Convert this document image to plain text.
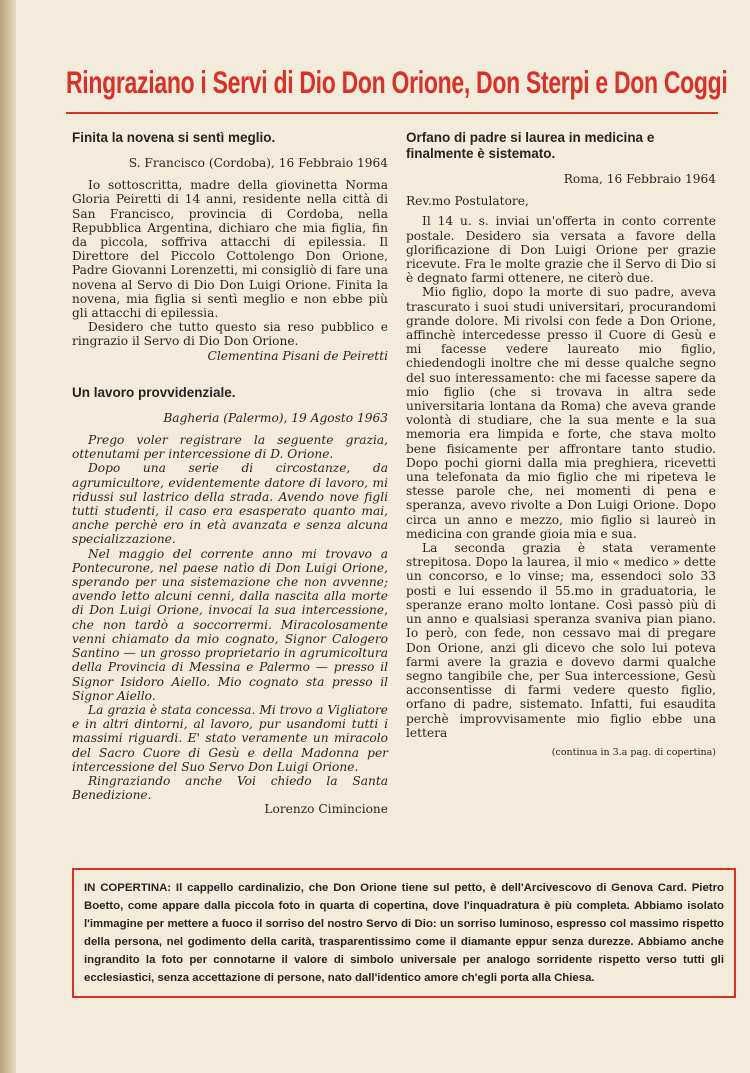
Ringraziano i Servi di Dio Don Orione, Don Sterpi e Don Coggi
Finita la novena si sentì meglio.
S. Francisco (Cordoba), 16 Febbraio 1964

Io sottoscritta, madre della giovinetta Norma Gloria Peiretti di 14 anni, residente nella città di San Francisco, provincia di Cordoba, nella Repubblica Argentina, dichiaro che mia figlia, fin da piccola, soffriva attacchi di epilessia. Il Direttore del Piccolo Cottolengo Don Orione, Padre Giovanni Lorenzetti, mi consigliò di fare una novena al Servo di Dio Don Luigi Orione. Finita la novena, mia figlia si sentì meglio e non ebbe più gli attacchi di epilessia.

Desidero che tutto questo sia reso pubblico e ringrazio il Servo di Dio Don Orione.

Clementina Pisani de Peiretti
Un lavoro provvidenziale.
Bagheria (Palermo), 19 Agosto 1963

Prego voler registrare la seguente grazia, ottenutami per intercessione di D. Orione.

Dopo una serie di circostanze, da agrumicultore, evidentemente datore di lavoro, mi ridussi sul lastrico della strada. Avendo nove figli tutti studenti, il caso era esasperato quanto mai, anche perchè ero in età avanzata e senza alcuna specializzazione.

Nel maggio del corrente anno mi trovavo a Pontecurone, nel paese natìo di Don Luigi Orione, sperando per una sistemazione che non avvenne; avendo letto alcuni cenni, dalla nascita alla morte di Don Luigi Orione, invocai la sua intercessione, che non tardò a soccorrermi. Miracolosamente venni chiamato da mio cognato, Signor Calogero Santino — un grosso proprietario in agrumicoltura della Provincia di Messina e Palermo — presso il Signor Isidoro Aiello. Mio cognato sta presso il Signor Aiello.

La grazia è stata concessa. Mi trovo a Vigliatore e in altri dintorni, al lavoro, pur usandomi tutti i massimi riguardi. E' stato veramente un miracolo del Sacro Cuore di Gesù e della Madonna per intercessione del Suo Servo Don Luigi Orione.

Ringraziando anche Voi chiedo la Santa Benedizione.

Lorenzo Cimincione
Orfano di padre si laurea in medicina e finalmente è sistemato.
Roma, 16 Febbraio 1964
Rev.mo Postulatore,

Il 14 u. s. inviai un'offerta in conto corrente postale. Desidero sia versata a favore della glorificazione di Don Luigi Orione per grazie ricevute. Fra le molte grazie che il Servo di Dio si è degnato farmi ottenere, ne citerò due.

Mio figlio, dopo la morte di suo padre, aveva trascurato i suoi studi universitari, procurandomi grande dolore. Mi rivolsi con fede a Don Orione, affinchè intercedesse presso il Cuore di Gesù e mi facesse vedere laureato mio figlio, chiedendogli inoltre che mi desse qualche segno del suo interessamento: che mi facesse sapere da mio figlio (che si trovava in altra sede universitaria lontana da Roma) che aveva grande volontà di studiare, che la sua mente e la sua memoria era limpida e forte, che stava molto bene fisicamente per affrontare tanto studio. Dopo pochi giorni dalla mia preghiera, ricevetti una telefonata da mio figlio che mi ripeteva le stesse parole che, nei momenti di pena e speranza, avevo rivolte a Don Luigi Orione. Dopo circa un anno e mezzo, mio figlio si laureò in medicina con grande gioia mia e sua.

La seconda grazia è stata veramente strepitosa. Dopo la laurea, il mio « medico » dette un concorso, e lo vinse; ma, essendoci solo 33 posti e lui essendo il 55.mo in graduatoria, le speranze erano molto lontane. Così passò più di un anno e qualsiasi speranza svaniva pian piano. Io però, con fede, non cessavo mai di pregare Don Orione, anzi gli dicevo che solo lui poteva farmi avere la grazia e dovevo darmi qualche segno tangibile che, per Sua intercessione, Gesù acconsentisse di farmi vedere questo figlio, orfano di padre, sistemato. Infatti, fui esaudita perchè improvvisamente mio figlio ebbe una lettera

(continua in 3.a pag. di copertina)
IN COPERTINA: Il cappello cardinalizio, che Don Orione tiene sul petto, è dell'Arcivescovo di Genova Card. Pietro Boetto, come appare dalla piccola foto in quarta di copertina, dove l'inquadratura è più completa. Abbiamo isolato l'immagine per mettere a fuoco il sorriso del nostro Servo di Dio: un sorriso luminoso, espresso col massimo rispetto della persona, nel godimento della carità, trasparentissimo come il diamante eppur senza durezze. Abbiamo anche ingrandito la foto per connotarne il valore di simbolo universale per analogo sorridente rispetto verso tutti gli ecclesiastici, senza accettazione di persone, nato dall'identico amore ch'egli porta alla Chiesa.
